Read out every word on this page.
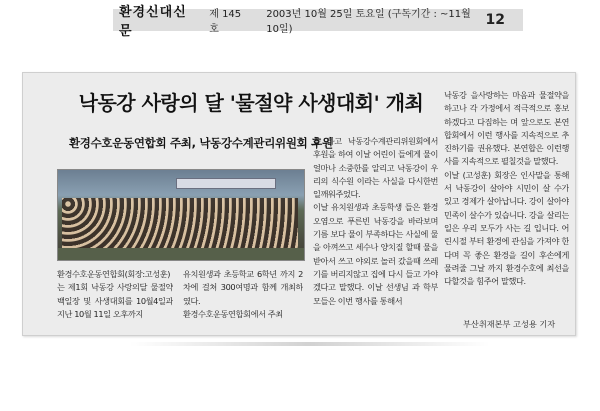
환경신대신문
제 145호
2003년 10월 25일 토요일 (구독기간 : ~11월 10일)
12
낙동강 사랑의 달 '물절약 사생대회' 개최
환경수호운동연합회 주최, 낙동강수계관리위원회 후원

환경수호운동연합회(회장:고성훈)는 제1회 낙동강 사랑의달 물절약 백일장 및 사생대회를 10월4일과 지난 10월 11일 오후까지

유치원생과 초등학교 6학년 까지 2차에 걸쳐 300여명과 함께 개최하였다.
환경수호운동연합회에서 주최

를 하고 낙동강수계관리위원회에서 후원을 하여 이날 어린이 들에게 물이 얼마나 소중한를 알리고 낙동강이 우리의 식수원 이라는 사실을 다시한번 일깨워주었다.
이날 유치원생과 초등학생 들은 환경오염으로 푸른빈 낙동강을 바라보며 기름 보다 물이 부족하다는 사실에 물을 아껴쓰고 세수나 양치질 할때 물을 받아서 쓰고 야외로 놀러 갔을때 쓰레기를 버리지않고 집에 다시 들고 가야겠다고 말했다. 이날 선생님 과 학부모들은 이번 행사를 통해서

낙동강 을사랑하는 마음과 물절약을 하고나 각 가정에서 적극적으로 홍보하겠다고 다짐하는 며 앞으로도 본연합회에서 이런 행사를 지속적으로 추진하기를 권유했다. 본연합은 이런행사를 지속적으로 펼칠것을 말했다.
이날 (고성훈) 회장은 인사말을 통해서 낙동강이 살아야 시민이 살 수가 있고 경제가 살아납니다. 강이 살아야 민족이 살수가 있습니다. 강을 살리는 일은 우리 모두가 사는 길 입니다. 어린시절 부터 환경에 관심을 가져야 한다며 꼭 좋은 환경을 길이 후손에게 물려줄 그날 까지 환경수호에 최선을 다할것을 힘주어 말했다.

부산취재본부 고성용 기자
